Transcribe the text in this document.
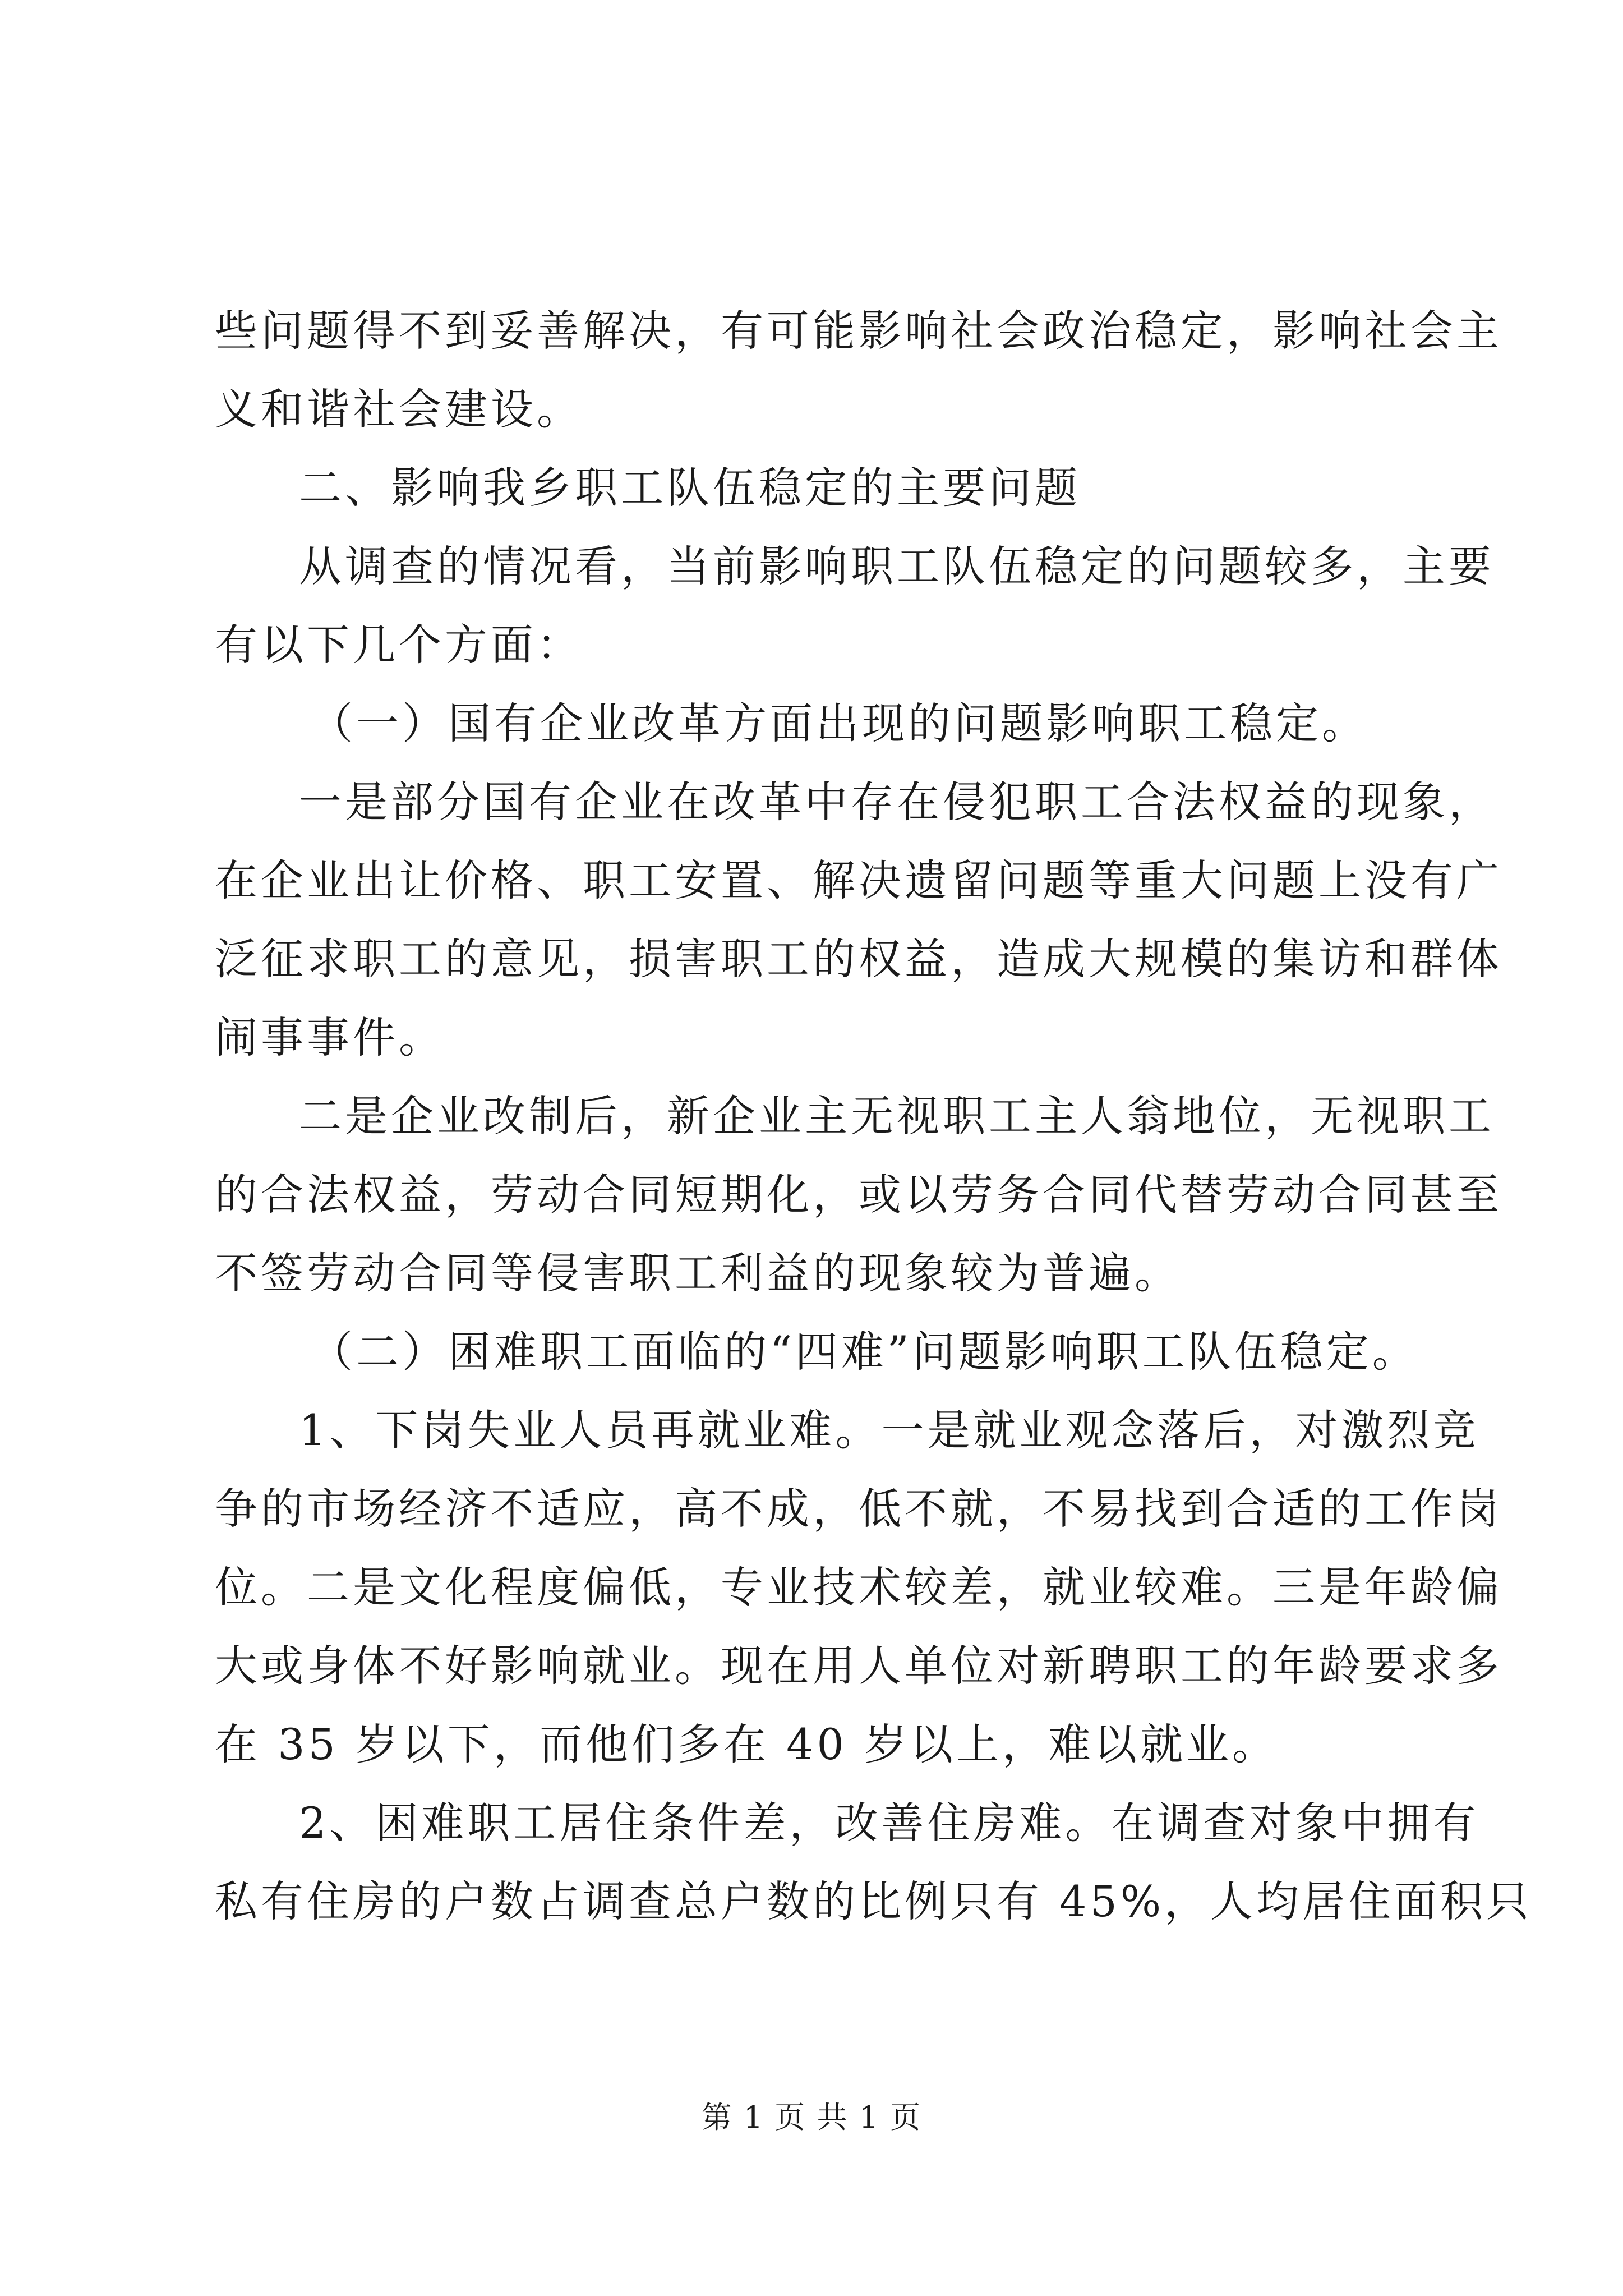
些问题得不到妥善解决，有可能影响社会政治稳定，影响社会主
义和谐社会建设。
二、影响我乡职工队伍稳定的主要问题
从调查的情况看，当前影响职工队伍稳定的问题较多，主要
有以下几个方面：
（一）国有企业改革方面出现的问题影响职工稳定。
一是部分国有企业在改革中存在侵犯职工合法权益的现象，
在企业出让价格、职工安置、解决遗留问题等重大问题上没有广
泛征求职工的意见，损害职工的权益，造成大规模的集访和群体
闹事事件。
二是企业改制后，新企业主无视职工主人翁地位，无视职工
的合法权益，劳动合同短期化，或以劳务合同代替劳动合同甚至
不签劳动合同等侵害职工利益的现象较为普遍。
（二）困难职工面临的“四难”问题影响职工队伍稳定。
1、下岗失业人员再就业难。一是就业观念落后，对激烈竞
争的市场经济不适应，高不成，低不就，不易找到合适的工作岗
位。二是文化程度偏低，专业技术较差，就业较难。三是年龄偏
大或身体不好影响就业。现在用人单位对新聘职工的年龄要求多
在 35 岁以下，而他们多在 40 岁以上，难以就业。
2、困难职工居住条件差，改善住房难。在调查对象中拥有
私有住房的户数占调查总户数的比例只有 45%，人均居住面积只
第 1 页 共 1 页
